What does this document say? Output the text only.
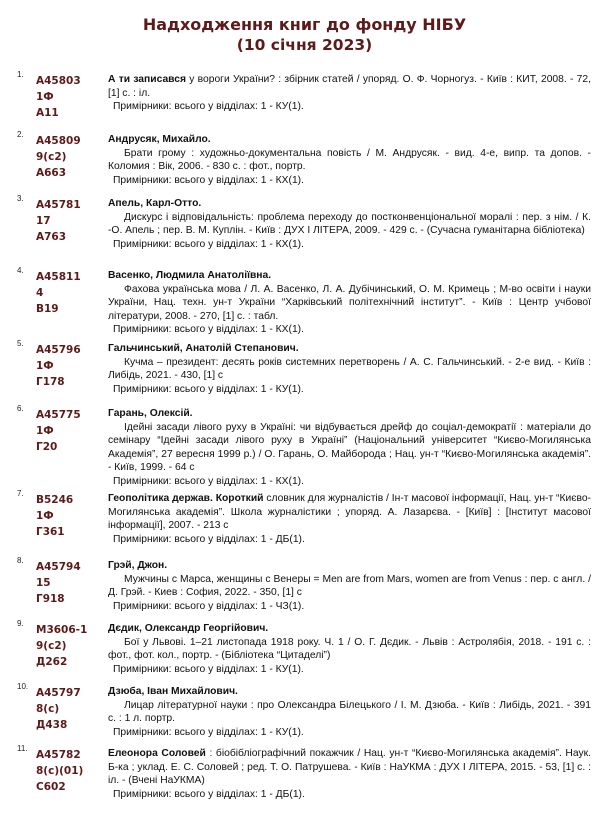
Надходження книг до фонду НІБУ
(10 січня 2023)
1.
А45803
1Ф
А11
А ти записався у вороги України? : збірник статей / упоряд. О. Ф. Чорногуз. - Київ : КИТ, 2008. - 72, [1] с. : іл.
Примірники: всього у відділах: 1 - КУ(1).
2.
А45809
9(с2)
А663
Андрусяк, Михайло.
Брати грому : художньо-документальна повість / М. Андрусяк. - вид. 4-е, випр. та допов. - Коломия : Вік, 2006. - 830 с. : фот., портр.
Примірники: всього у відділах: 1 - КХ(1).
3.
А45781
17
А763
Апель, Карл-Отто.
Дискурс і відповідальність: проблема переходу до постконвенціональної моралі : пер. з нім. / К. -О. Апель ; пер. В. М. Куплін. - Київ : ДУХ І ЛІТЕРА, 2009. - 429 с. - (Сучасна гуманітарна бібліотека)
Примірники: всього у відділах: 1 - КХ(1).
4.
А45811
4
В19
Васенко, Людмила Анатоліївна.
Фахова українська мова / Л. А. Васенко, Л. А. Дубічинський, О. М. Кримець ; М-во освіти і науки України, Нац. техн. ун-т України “Харківський політехнічний інститут”. - Київ : Центр учбової літератури, 2008. - 270, [1] с. : табл.
Примірники: всього у відділах: 1 - КХ(1).
5.
А45796
1Ф
Г178
Гальчинський, Анатолій Степанович.
Кучма – президент: десять років системних перетворень / А. С. Гальчинський. - 2-е вид. - Київ : Либідь, 2021. - 430, [1] с
Примірники: всього у відділах: 1 - КУ(1).
6.
А45775
1Ф
Г20
Гарань, Олексій.
Ідейні засади лівого руху в Україні: чи відбувається дрейф до соціал-демократії : матеріали до семінару “Ідейні засади лівого руху в Україні” (Національний університет “Києво-Могилянська Академія”, 27 вересня 1999 р.) / О. Гарань, О. Майборода ; Нац. ун-т “Києво-Могилянська академія”. - Київ, 1999. - 64 с
Примірники: всього у відділах: 1 - КХ(1).
7.
В5246
1Ф
Г361
Геополітика держав. Короткий словник для журналістів / Ін-т масової інформації, Нац. ун-т “Києво-Могилянська академія”. Школа журналістики ; упоряд. А. Лазарєва. - [Київ] : [Інститут масової інформації], 2007. - 213 с
Примірники: всього у відділах: 1 - ДБ(1).
8.
А45794
15
Г918
Грэй, Джон.
Мужчины с Марса, женщины с Венеры = Men are from Mars, women are from Venus : пер. с англ. / Д. Грэй. - Киев : София, 2022. - 350, [1] с
Примірники: всього у відділах: 1 - ЧЗ(1).
9.
М3606-1
9(с2)
Д262
Дєдик, Олександр Георгійович.
Бої у Львові. 1–21 листопада 1918 року. Ч. 1 / О. Г. Дєдик. - Львів : Астролябія, 2018. - 191 с. : фот., фот. кол., портр. - (Бібліотека “Цитаделі”)
Примірники: всього у відділах: 1 - КУ(1).
10.
А45797
8(с)
Д438
Дзюба, Іван Михайлович.
Лицар літературної науки : про Олександра Білецького / І. М. Дзюба. - Київ : Либідь, 2021. - 391 с. : 1 л. портр.
Примірники: всього у відділах: 1 - КУ(1).
11.
А45782
8(с)(01)
С602
Елеонора Соловей : біобібліографічний покажчик / Нац. ун-т “Києво-Могилянська академія”. Наук. Б-ка ; уклад. Е. С. Соловей ; ред. Т. О. Патрушева. - Київ : НаУКМА : ДУХ І ЛІТЕРА, 2015. - 53, [1] с. : іл. - (Вчені НаУКМА)
Примірники: всього у відділах: 1 - ДБ(1).
